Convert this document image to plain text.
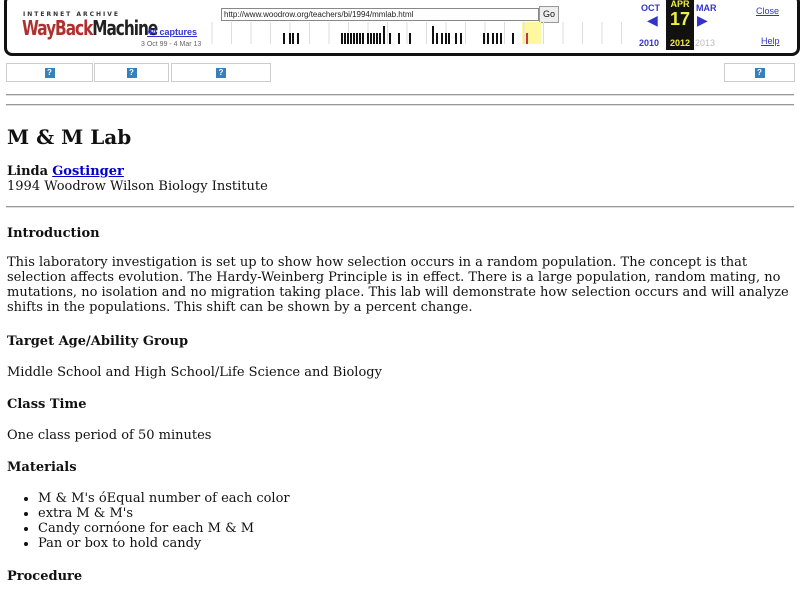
INTERNET ARCHIVE
WayBackMachine
44 captures
3 Oct 99 - 4 Mar 13
http://www.woodrow.org/teachers/bi/1994/mmlab.html	Go
OCT
◀
2010
APR
17
2012
▶
MAR
2013
Close
Help
?	?	?	?
M & M Lab
Linda Gostinger
1994 Woodrow Wilson Biology Institute
Introduction

This laboratory investigation is set up to show how selection occurs in a random population. The concept is that selection affects evolution. The Hardy-Weinberg Principle is in effect. There is a large population, random mating, no mutations, no isolation and no migration taking place. This lab will demonstrate how selection occurs and will analyze shifts in the populations. This shift can be shown by a percent change.

Target Age/Ability Group
Middle School and High School/Life Science and Biology
Class Time
One class period of 50 minutes
Materials
• M & M's óEqual number of each color
• extra M & M's
• Candy cornóone for each M & M
• Pan or box to hold candy
Procedure
